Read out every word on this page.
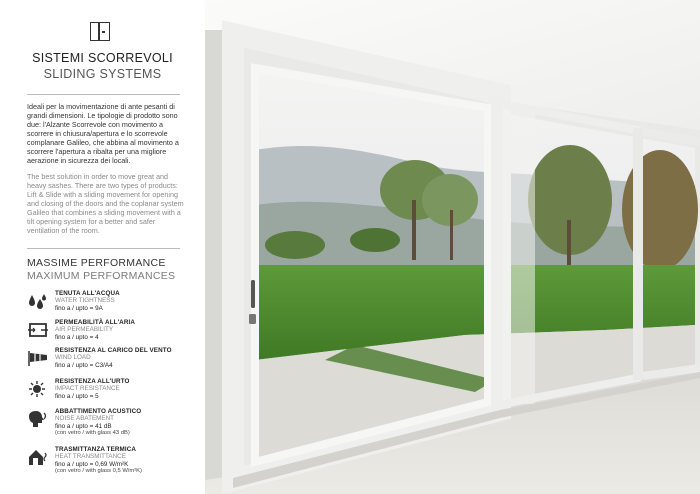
SISTEMI SCORREVOLI
SLIDING SYSTEMS
Ideali per la movimentazione di ante pesanti di grandi dimensioni. Le tipologie di prodotto sono due: l'Alzante Scorrevole con movimento a scorrere in chiusura/apertura e lo scorrevole complanare Galileo, che abbina al movimento a scorrere l'apertura a ribalta per una migliore aerazione in sicurezza dei locali.
The best solution in order to move great and heavy sashes. There are two types of products: Lift & Slide with a sliding movement for opening and closing of the doors and the coplanar system Galileo that combines a sliding movement with a tilt opening system for a better and safer ventilation of the room.
MASSIME PERFORMANCE
MAXIMUM PERFORMANCES
TENUTA ALL'ACQUA
WATER TIGHTNESS
fino a / upto = 9A
PERMEABILITÀ ALL'ARIA
AIR PERMEABILITY
fino a / upto = 4
RESISTENZA AL CARICO DEL VENTO
WIND LOAD
fino a / upto = C3/A4
RESISTENZA ALL'URTO
IMPACT RESISTANCE
fino a / upto = 5
ABBATTIMENTO ACUSTICO
NOISE ABATEMENT
fino a / upto = 41 dB
(con vetro / with glass 43 dB)
TRASMITTANZA TERMICA
HEAT TRANSMITTANCE
fino a / upto = 0,69 W/m²K
(con vetro / with glass 0,5 W/m²K)
